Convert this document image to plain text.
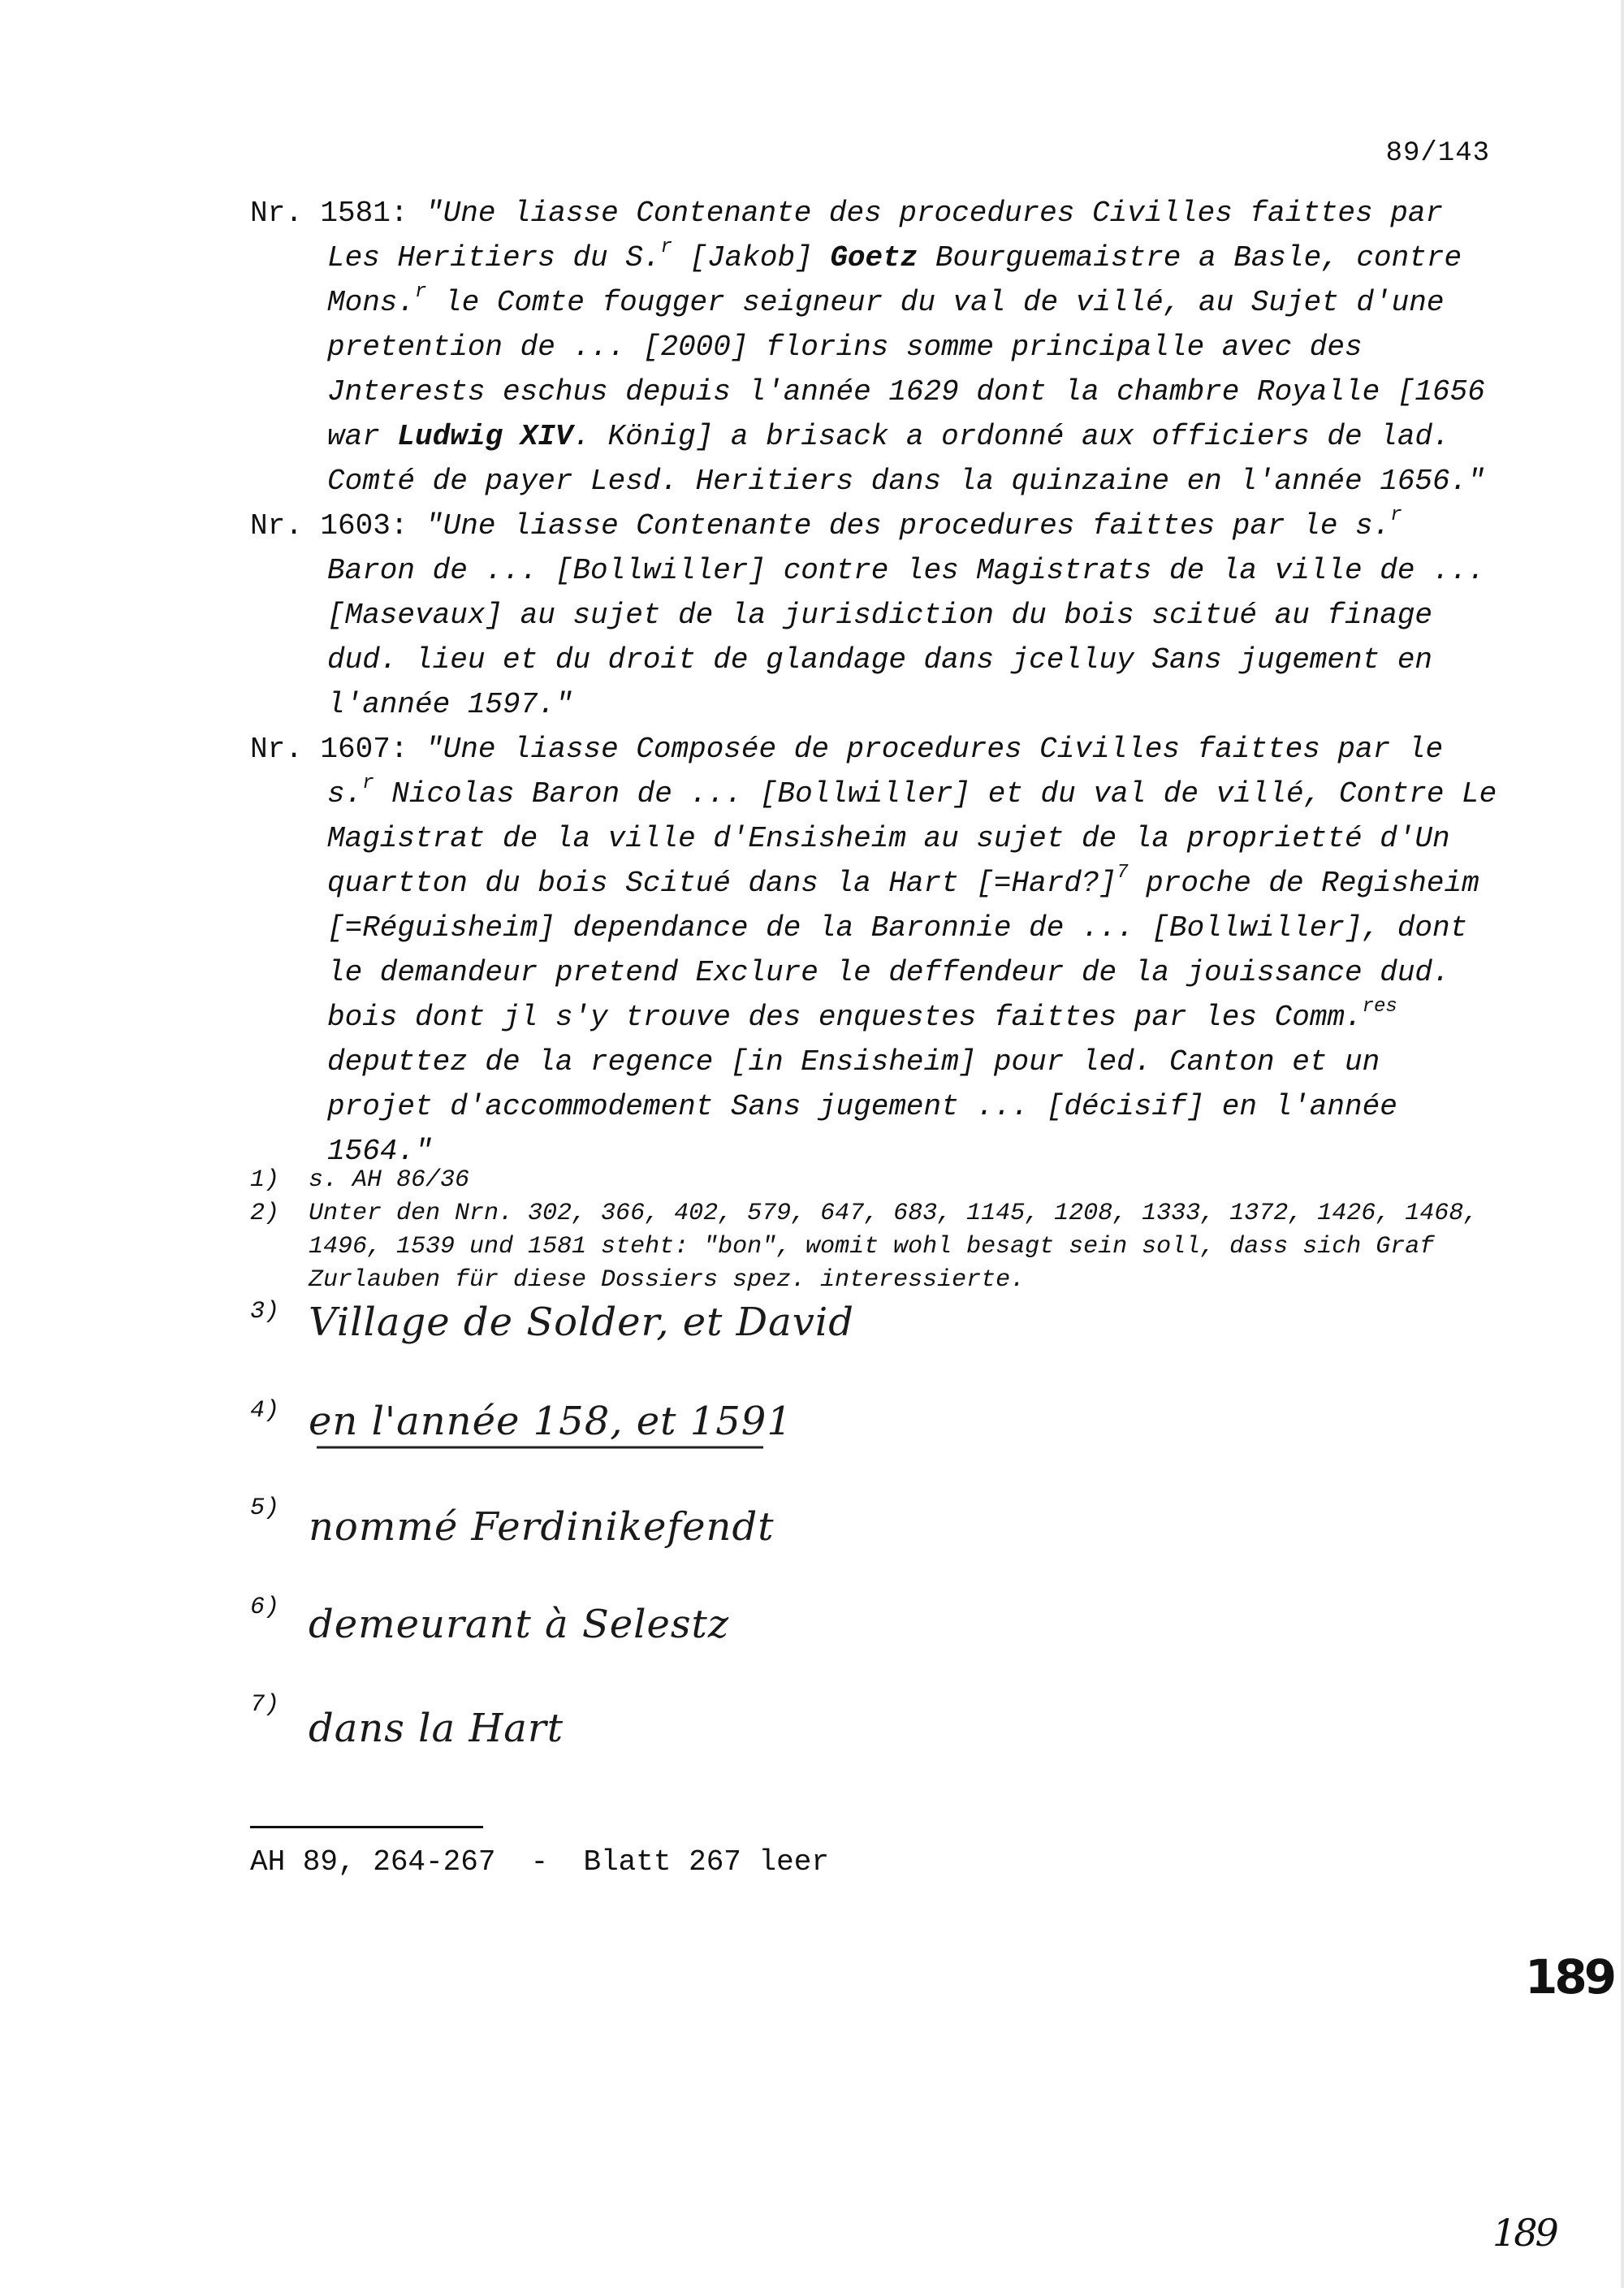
89/143

Nr. 1581: "Une liasse Contenante des procedures Civilles faittes par Les Heritiers du S.$^r$ [Jakob] Goetz Bourguemaistre a Basle, contre Mons.$^r$ le Comte fougger seigneur du val de villé, au Sujet d'une pretention de ... [2000] florins somme principalle avec des Jnterests eschus depuis l'année 1629 dont la chambre Royalle [1656 war Ludwig XIV. König] a brisack a ordonné aux officiers de lad. Comté de payer Lesd. Heritiers dans la quinzaine en l'année 1656."

Nr. 1603: "Une liasse Contenante des procedures faittes par le s.$^r$ Baron de ... [Bollwiller] contre les Magistrats de la ville de ... [Masevaux] au sujet de la jurisdiction du bois scitué au finage dud. lieu et du droit de glandage dans jcelluy Sans jugement en l'année 1597."

Nr. 1607: "Une liasse Composée de procedures Civilles faittes par le s.$^r$ Nicolas Baron de ... [Bollwiller] et du val de villé, Contre Le Magistrat de la ville d'Ensisheim au sujet de la proprietté d'Un quartton du bois Scitué dans la Hart [=Hard?]$^7$ proche de Regisheim [=Réguisheim] dependance de la Baronnie de ... [Bollwiller], dont le demandeur pretend Exclure le deffendeur de la jouissance dud. bois dont jl s'y trouve des enquestes faittes par les Comm.$^{res}$ deputtez de la regence [in Ensisheim] pour led. Canton et un projet d'accommodement Sans jugement ... [décisif] en l'année 1564."

1) s. AH 86/36
2) Unter den Nrn. 302, 366, 402, 579, 647, 683, 1145, 1208, 1333, 1372, 1426, 1468, 1496, 1539 und 1581 steht: "bon", womit wohl besagt sein soll, dass sich Graf Zurlauben für diese Dossiers spez. interessierte.
3) Village de Solder, et David
4) en l'année 158, et 1591
5) nommé Ferdinikefendt
6) demeurant à Selestz
7)
dans la Hart
AH 89, 264-267  -  Blatt 267 leer
189
189
